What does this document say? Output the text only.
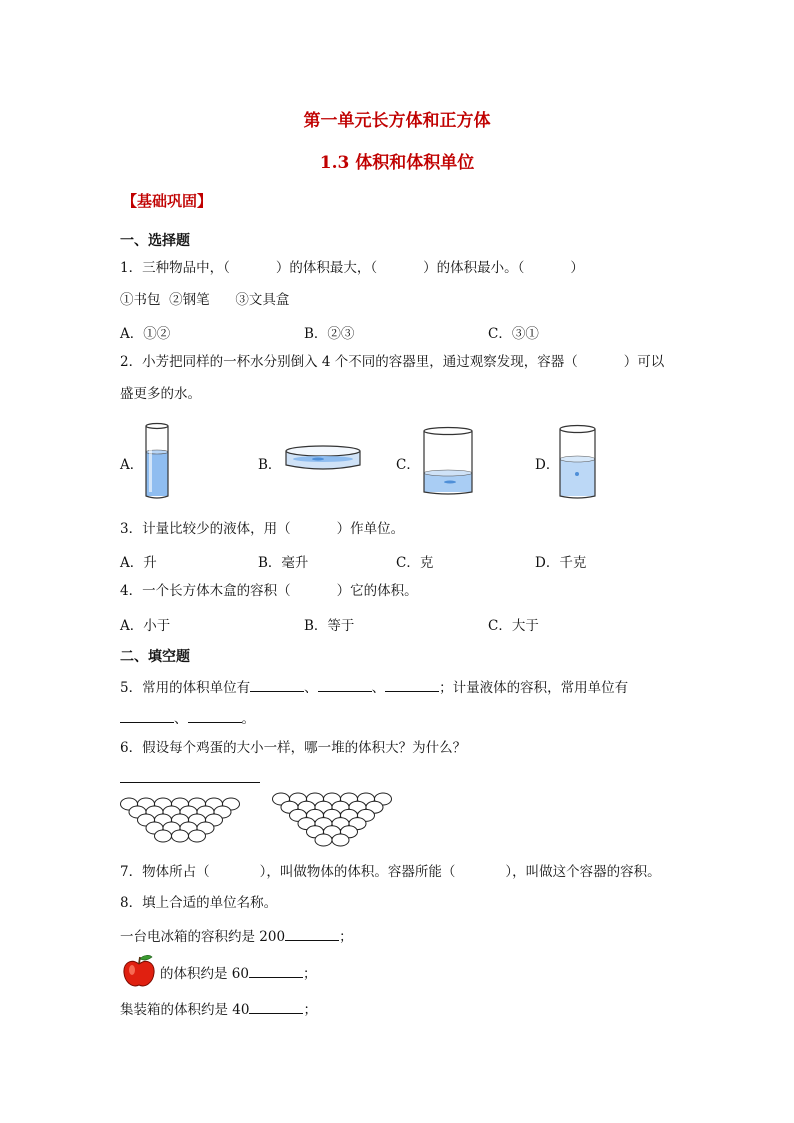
第一单元长方体和正方体
1.3 体积和体积单位
【基础巩固】
一、选择题
1．三种物品中，（	）的体积最大，（	）的体积最小。（	）
①书包  ②钢笔      ③文具盒
A．①②	B．②③	C．③①
2．小芳把同样的一杯水分别倒入 4 个不同的容器里，通过观察发现，容器（	）可以
盛更多的水。
A．	B．	C．	D．
3．计量比较少的液体，用（	）作单位。
A．升	B．毫升	C．克	D．千克
4．一个长方体木盒的容积（	）它的体积。
A．小于	B．等于	C．大于
二、填空题
5．常用的体积单位有	、	、	；计量液体的容积，常用单位有
、	。
6．假设每个鸡蛋的大小一样，哪一堆的体积大？为什么？
7．物体所占（	），叫做物体的体积。容器所能（	），叫做这个容器的容积。
8．填上合适的单位名称。
一台电冰箱的容积约是 200	；
的体积约是 60	；
集装箱的体积约是 40	；
